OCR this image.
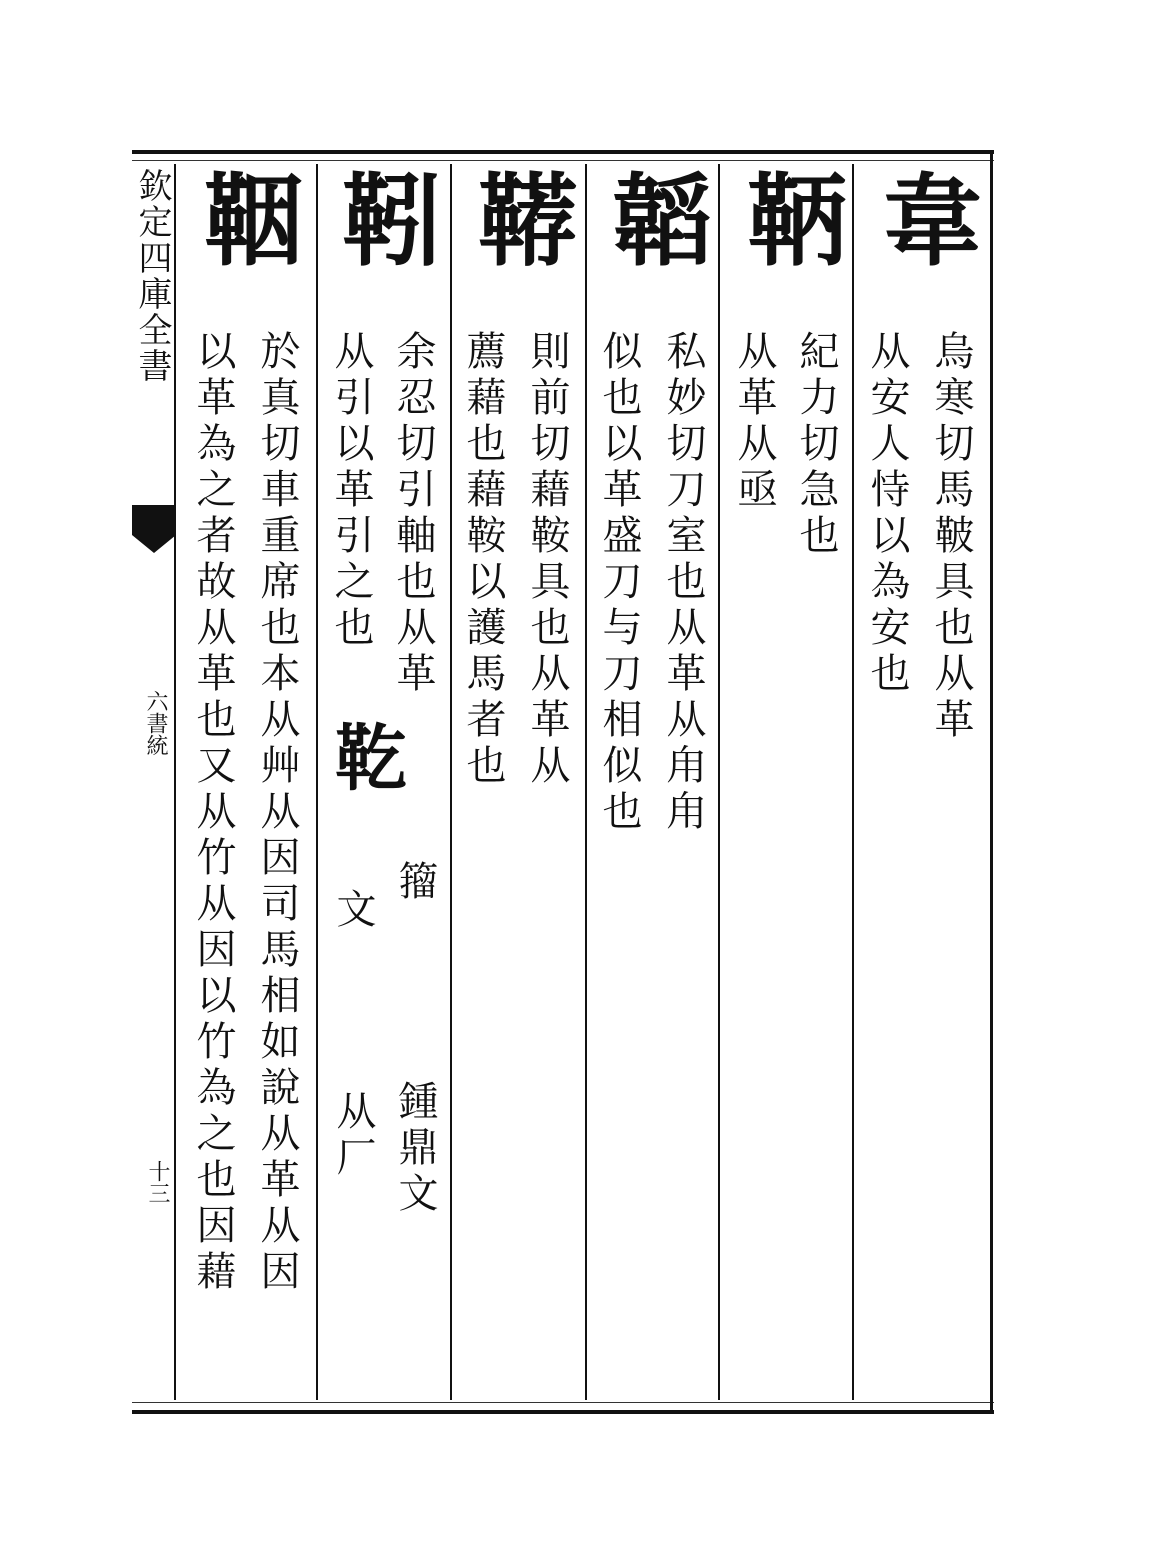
欽定四庫全書
六書統
十三
韋
烏寒切馬鞁具也从革
从安人恃以為安也
鞆
紀力切急也
从革从亟
韜
私妙切刀室也从革从甪甪
似也以革盛刀与刀相似也
鞯
則前切藉鞍具也从革从
薦藉也藉鞍以護馬者也
靷
余忍切引軸也从革
从引以革引之也
䩐
籀
鍾鼎文
文
从厂
鞇
於真切車重席也本从艸从因司馬相如說从革从因
以革為之者故从革也又从竹从因以竹為之也因藉
